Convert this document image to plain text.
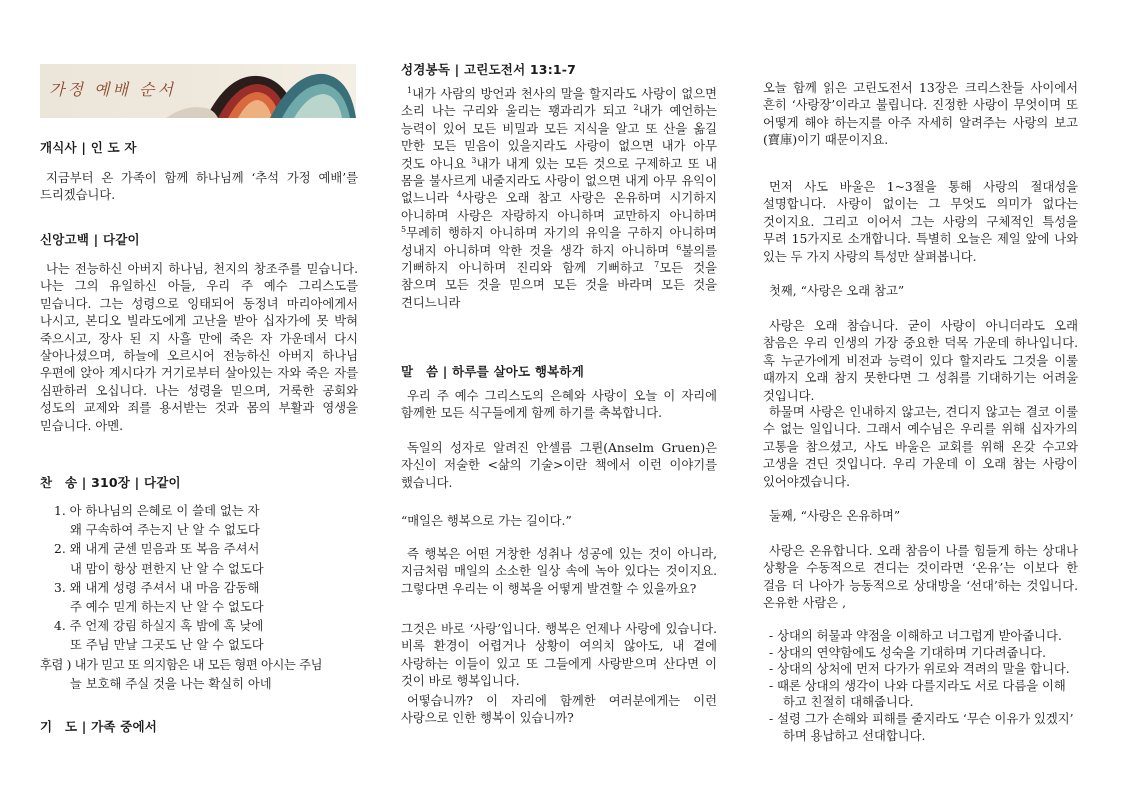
가정 예배 순서

개식사 | 인 도 자

지금부터 온 가족이 함께 하나님께 ‘추석 가정 예배’를 드리겠습니다.

신앙고백 | 다같이

나는 전능하신 아버지 하나님, 천지의 창조주를 믿습니다. 나는 그의 유일하신 아들, 우리 주 예수 그리스도를 믿습니다. 그는 성령으로 잉태되어 동정녀 마리아에게서 나시고, 본디오 빌라도에게 고난을 받아 십자가에 못 박혀 죽으시고, 장사 된 지 사흘 만에 죽은 자 가운데서 다시 살아나셨으며, 하늘에 오르시어 전능하신 아버지 하나님 우편에 앉아 계시다가 거기로부터 살아있는 자와 죽은 자를 심판하러 오십니다. 나는 성령을 믿으며, 거룩한 공회와 성도의 교제와 죄를 용서받는 것과 몸의 부활과 영생을 믿습니다. 아멘.

찬　송 | 310장 | 다같이

1. 아 하나님의 은혜로 이 쓸데 없는 자

왜 구속하여 주는지 난 알 수 없도다

2. 왜 내게 굳센 믿음과 또 복음 주셔서

내 맘이 항상 편한지 난 알 수 없도다

3. 왜 내게 성령 주셔서 내 마음 감동해

주 예수 믿게 하는지 난 알 수 없도다

4. 주 언제 강림 하실지 혹 밤에 혹 낮에

또 주님 만날 그곳도 난 알 수 없도다

후렴 ) 내가 믿고 또 의지함은 내 모든 형편 아시는 주님

늘 보호해 주실 것을 나는 확실히 아네

기　도 | 가족 중에서

성경봉독 | 고린도전서 13:1-7

$^1$내가 사람의 방언과 천사의 말을 할지라도 사랑이 없으면 소리 나는 구리와 울리는 꽹과리가 되고 $^2$내가 예언하는 능력이 있어 모든 비밀과 모든 지식을 알고 또 산을 옮길 만한 모든 믿음이 있을지라도 사랑이 없으면 내가 아무 것도 아니요 $^3$내가 내게 있는 모든 것으로 구제하고 또 내 몸을 불사르게 내줄지라도 사랑이 없으면 내게 아무 유익이 없느니라 $^4$사랑은 오래 참고 사랑은 온유하며 시기하지 아니하며 사랑은 자랑하지 아니하며 교만하지 아니하며 $^5$무례히 행하지 아니하며 자기의 유익을 구하지 아니하며 성내지 아니하며 악한 것을 생각 하지 아니하며 $^6$불의를 기뻐하지 아니하며 진리와 함께 기뻐하고 $^7$모든 것을 참으며 모든 것을 믿으며 모든 것을 바라며 모든 것을 견디느니라

말　씀 | 하루를 살아도 행복하게

우리 주 예수 그리스도의 은혜와 사랑이 오늘 이 자리에 함께한 모든 식구들에게 함께 하기를 축복합니다.

독일의 성자로 알려진 안셀름 그륀(Anselm Gruen)은 자신이 저술한 <삶의 기술>이란 책에서 이런 이야기를 했습니다.

“매일은 행복으로 가는 길이다.”

즉 행복은 어떤 거창한 성취나 성공에 있는 것이 아니라, 지금처럼 매일의 소소한 일상 속에 녹아 있다는 것이지요. 그렇다면 우리는 이 행복을 어떻게 발견할 수 있을까요?

그것은 바로 ‘사랑’입니다. 행복은 언제나 사랑에 있습니다. 비록 환경이 어렵거나 상황이 여의치 않아도, 내 곁에 사랑하는 이들이 있고 또 그들에게 사랑받으며 산다면 이 것이 바로 행복입니다.

어떻습니까? 이 자리에 함께한 여러분에게는 이런 사랑으로 인한 행복이 있습니까?

오늘 함께 읽은 고린도전서 13장은 크리스찬들 사이에서 흔히 ‘사랑장’이라고 불립니다. 진정한 사랑이 무엇이며 또 어떻게 해야 하는지를 아주 자세히 알려주는 사랑의 보고(寶庫)이기 때문이지요.

먼저 사도 바울은 1~3절을 통해 사랑의 절대성을 설명합니다. 사랑이 없이는 그 무엇도 의미가 없다는 것이지요. 그리고 이어서 그는 사랑의 구체적인 특성을 무려 15가지로 소개합니다. 특별히 오늘은 제일 앞에 나와 있는 두 가지 사랑의 특성만 살펴봅니다.

첫째, “사랑은 오래 참고”

사랑은 오래 참습니다. 굳이 사랑이 아니더라도 오래 참음은 우리 인생의 가장 중요한 덕목 가운데 하나입니다. 혹 누군가에게 비전과 능력이 있다 할지라도 그것을 이룰 때까지 오래 참지 못한다면 그 성취를 기대하기는 어려울 것입니다.

하물며 사랑은 인내하지 않고는, 견디지 않고는 결코 이룰 수 없는 일입니다. 그래서 예수님은 우리를 위해 십자가의 고통을 참으셨고, 사도 바울은 교회를 위해 온갖 수고와 고생을 견딘 것입니다. 우리 가운데 이 오래 참는 사랑이 있어야겠습니다.

둘째, “사랑은 온유하며”

사랑은 온유합니다. 오래 참음이 나를 힘들게 하는 상대나 상황을 수동적으로 견디는 것이라면 ‘온유’는 이보다 한 걸음 더 나아가 능동적으로 상대방을 ‘선대’하는 것입니다. 온유한 사람은 ,

- 상대의 허물과 약점을 이해하고 너그럽게 받아줍니다.

- 상대의 연약함에도 성숙을 기대하며 기다려줍니다.

- 상대의 상처에 먼저 다가가 위로와 격려의 말을 합니다.

- 때론 상대의 생각이 나와 다를지라도 서로 다름을 이해

하고 친절히 대해줍니다.

- 설령 그가 손해와 피해를 줄지라도 ‘무슨 이유가 있겠지’

하며 용납하고 선대합니다.
